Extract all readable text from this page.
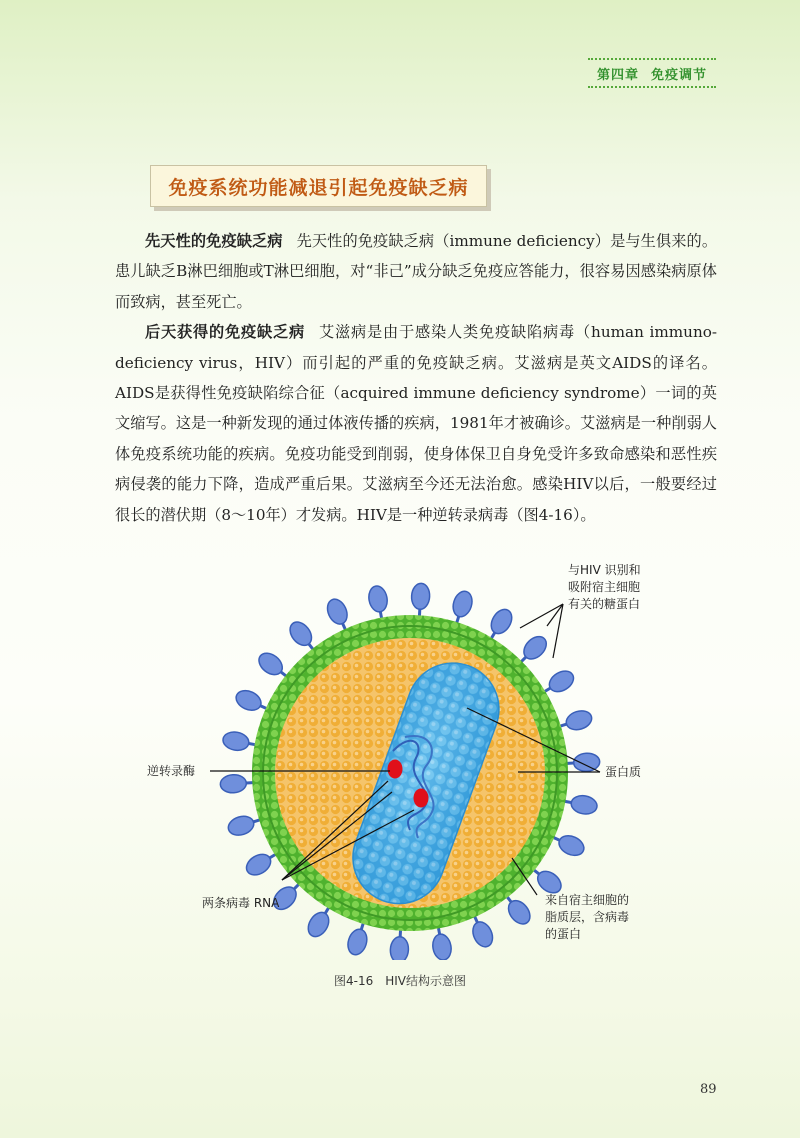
第四章 免疫调节
免疫系统功能减退引起免疫缺乏病

先天性的免疫缺乏病 先天性的免疫缺乏病（immune deficiency）是与生俱来的。患儿缺乏B淋巴细胞或T淋巴细胞，对“非己”成分缺乏免疫应答能力，很容易因感染病原体而致病，甚至死亡。

后天获得的免疫缺乏病 艾滋病是由于感染人类免疫缺陷病毒（human immuno-deficiency virus，HIV）而引起的严重的免疫缺乏病。艾滋病是英文AIDS的译名。AIDS是获得性免疫缺陷综合征（acquired immune deficiency syndrome）一词的英文缩写。这是一种新发现的通过体液传播的疾病，1981年才被确诊。艾滋病是一种削弱人体免疫系统功能的疾病。免疫功能受到削弱，使身体保卫自身免受许多致命感染和恶性疾病侵袭的能力下降，造成严重后果。艾滋病至今还无法治愈。感染HIV以后，一般要经过很长的潜伏期（8～10年）才发病。HIV是一种逆转录病毒（图4-16）。

与HIV 识别和
吸附宿主细胞
有关的糖蛋白
逆转录酶	蛋白质
两条病毒 RNA	来自宿主细胞的
脂质层，含病毒
的蛋白
图4-16 HIV结构示意图
89
